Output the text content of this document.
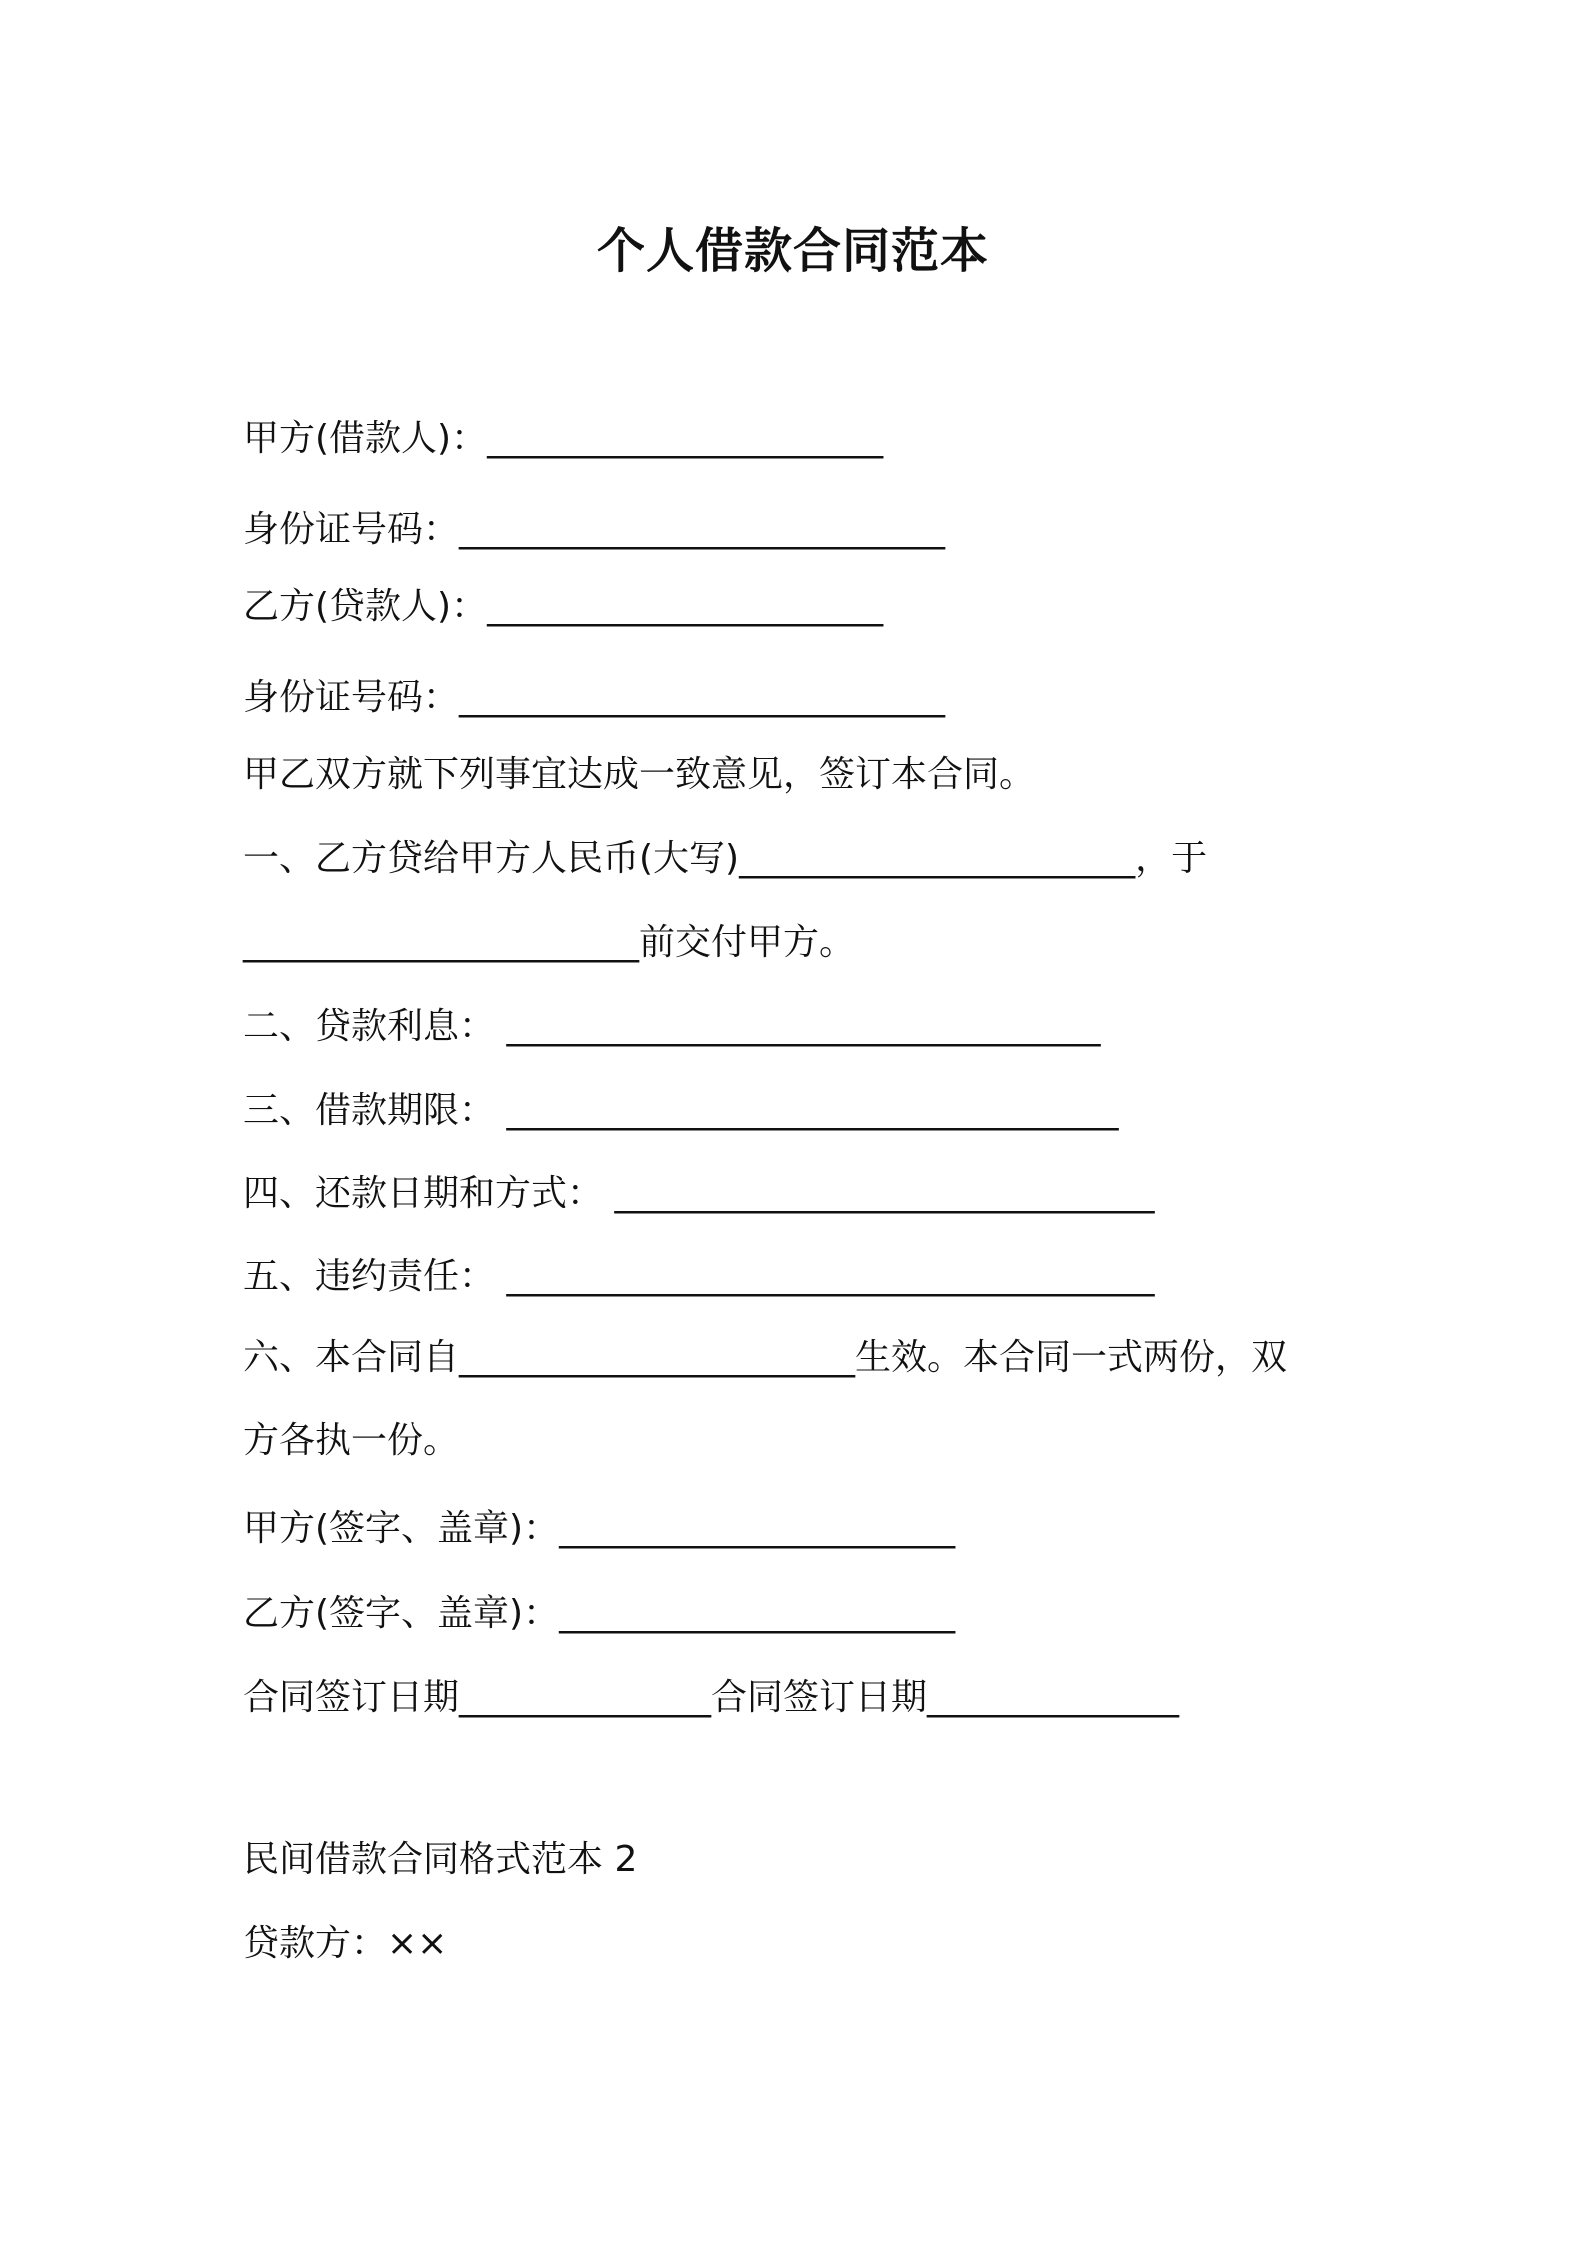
个人借款合同范本
甲方(借款人)：______________________
身份证号码：___________________________
乙方(贷款人)：______________________
身份证号码：___________________________
甲乙双方就下列事宜达成一致意见，签订本合同。
一、乙方贷给甲方人民币(大写)______________________，于
______________________前交付甲方。
二、贷款利息： _________________________________
三、借款期限： __________________________________
四、还款日期和方式： ______________________________
五、违约责任： ____________________________________
六、本合同自______________________生效。本合同一式两份，双
方各执一份。
甲方(签字、盖章)：______________________
乙方(签字、盖章)：______________________
合同签订日期______________合同签订日期______________
民间借款合同格式范本 2
贷款方：××
